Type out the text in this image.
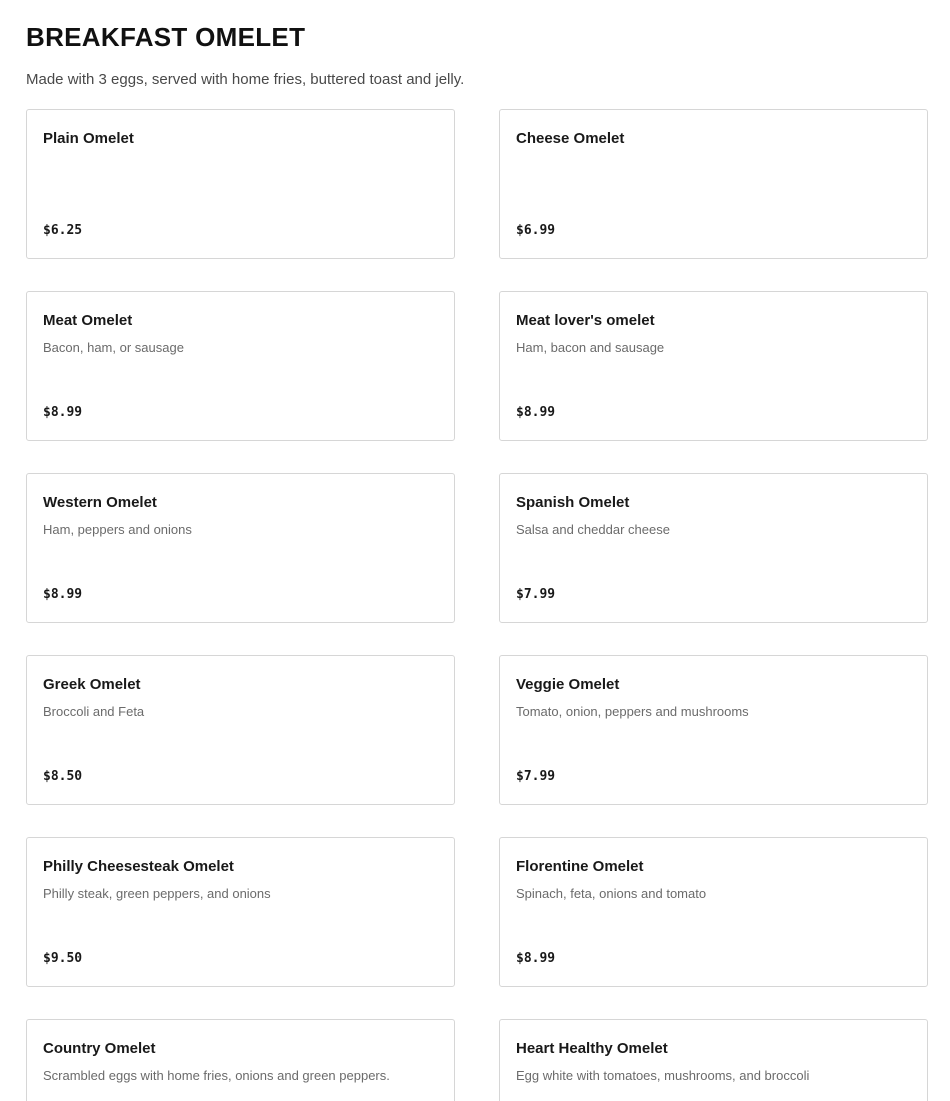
BREAKFAST OMELET

Made with 3 eggs, served with home fries, buttered toast and jelly.

Plain Omelet
$6.25
Cheese Omelet
$6.99
Meat Omelet
Bacon, ham, or sausage
$8.99
Meat lover's omelet
Ham, bacon and sausage
$8.99
Western Omelet
Ham, peppers and onions
$8.99
Spanish Omelet
Salsa and cheddar cheese
$7.99
Greek Omelet
Broccoli and Feta
$8.50
Veggie Omelet
Tomato, onion, peppers and mushrooms
$7.99
Philly Cheesesteak Omelet
Philly steak, green peppers, and onions
$9.50
Florentine Omelet
Spinach, feta, onions and tomato
$8.99
Country Omelet
Scrambled eggs with home fries, onions and green peppers.
Heart Healthy Omelet
Egg white with tomatoes, mushrooms, and broccoli
